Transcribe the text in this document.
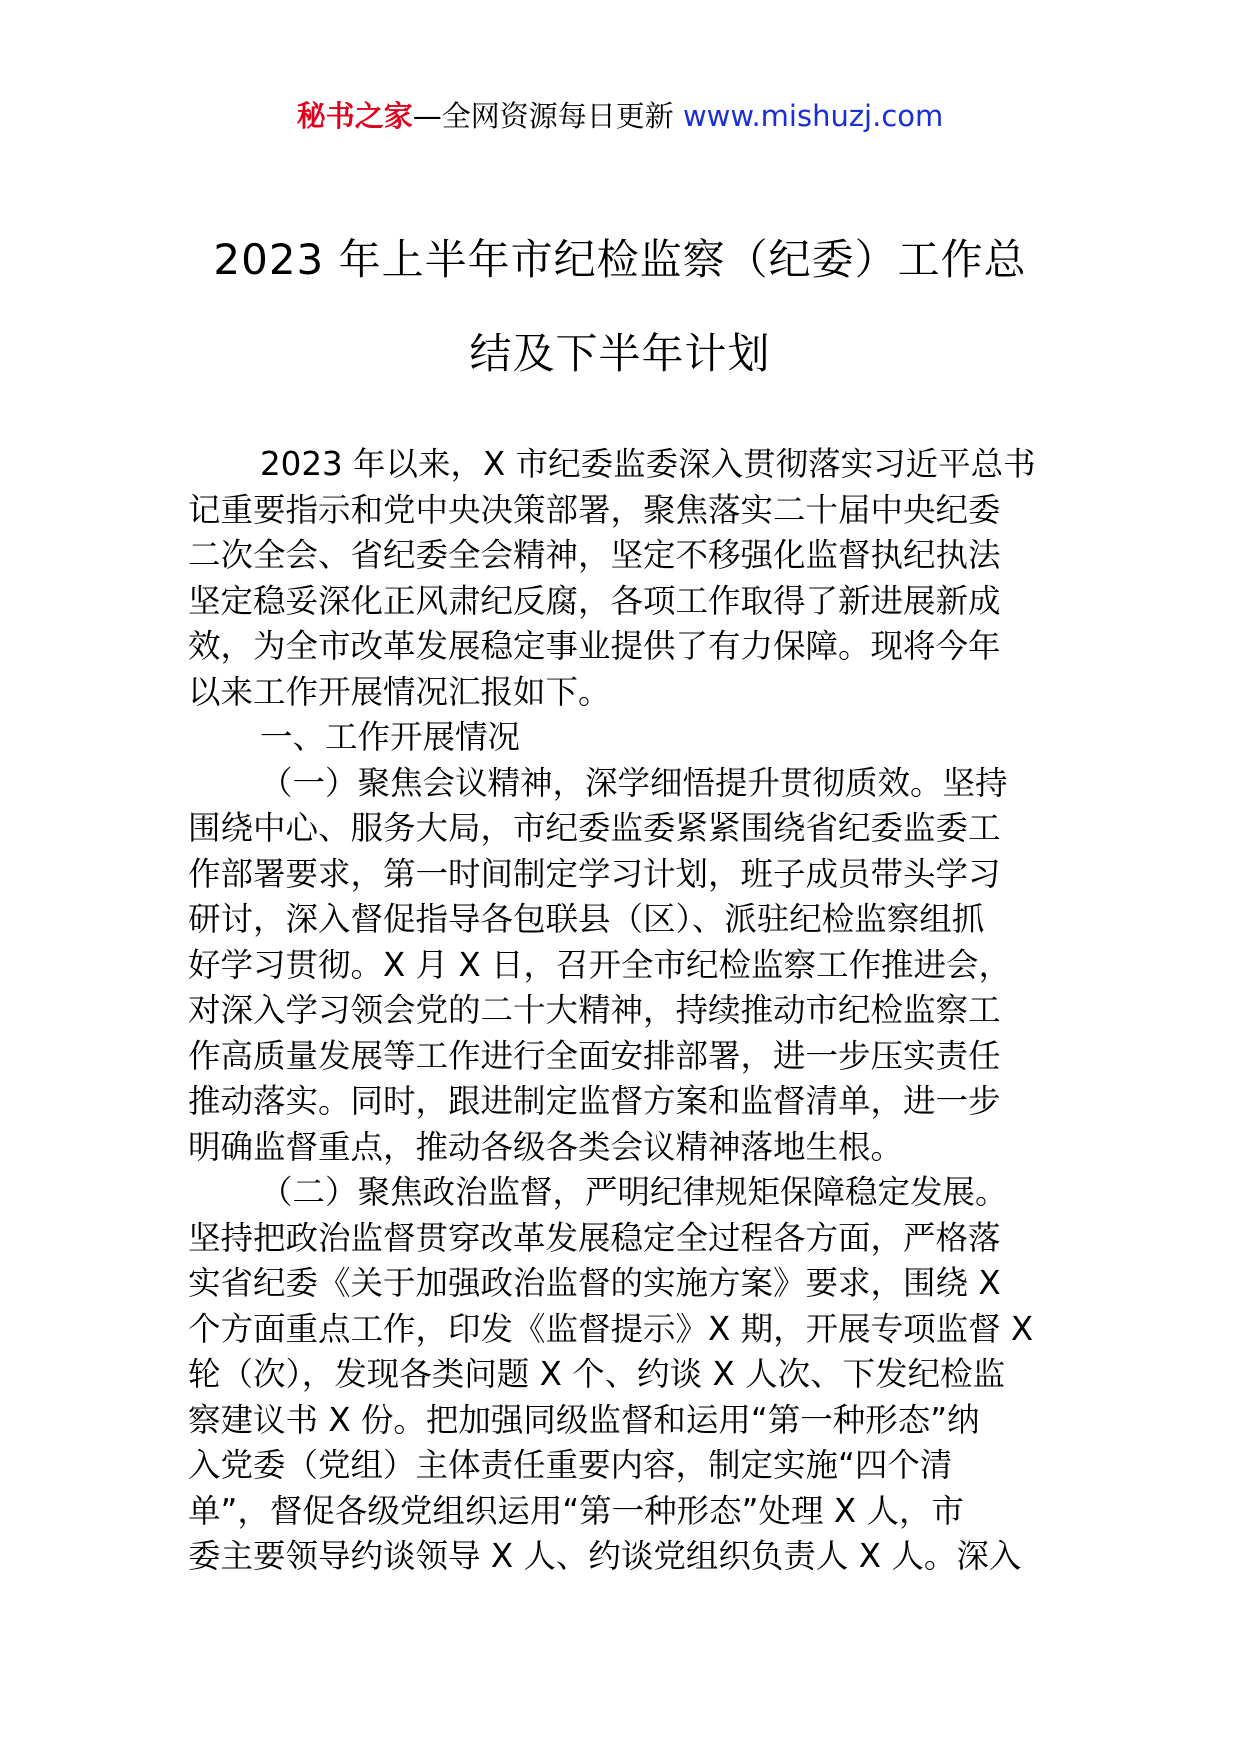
秘书之家—全网资源每日更新 www.mishuzj.com
2023 年上半年市纪检监察（纪委）工作总
结及下半年计划
2023 年以来，X 市纪委监委深入贯彻落实习近平总书
记重要指示和党中央决策部署，聚焦落实二十届中央纪委
二次全会、省纪委全会精神，坚定不移强化监督执纪执法
坚定稳妥深化正风肃纪反腐，各项工作取得了新进展新成
效，为全市改革发展稳定事业提供了有力保障。现将今年
以来工作开展情况汇报如下。
一、工作开展情况
（一）聚焦会议精神，深学细悟提升贯彻质效。坚持
围绕中心、服务大局，市纪委监委紧紧围绕省纪委监委工
作部署要求，第一时间制定学习计划，班子成员带头学习
研讨，深入督促指导各包联县（区）、派驻纪检监察组抓
好学习贯彻。X 月 X 日，召开全市纪检监察工作推进会，
对深入学习领会党的二十大精神，持续推动市纪检监察工
作高质量发展等工作进行全面安排部署，进一步压实责任
推动落实。同时，跟进制定监督方案和监督清单，进一步
明确监督重点，推动各级各类会议精神落地生根。
（二）聚焦政治监督，严明纪律规矩保障稳定发展。
坚持把政治监督贯穿改革发展稳定全过程各方面，严格落
实省纪委《关于加强政治监督的实施方案》要求，围绕 X
个方面重点工作，印发《监督提示》X 期，开展专项监督 X
轮（次），发现各类问题 X 个、约谈 X 人次、下发纪检监
察建议书 X 份。把加强同级监督和运用“第一种形态”纳
入党委（党组）主体责任重要内容，制定实施“四个清
单”，督促各级党组织运用“第一种形态”处理 X 人，市
委主要领导约谈领导 X 人、约谈党组织负责人 X 人。深入
